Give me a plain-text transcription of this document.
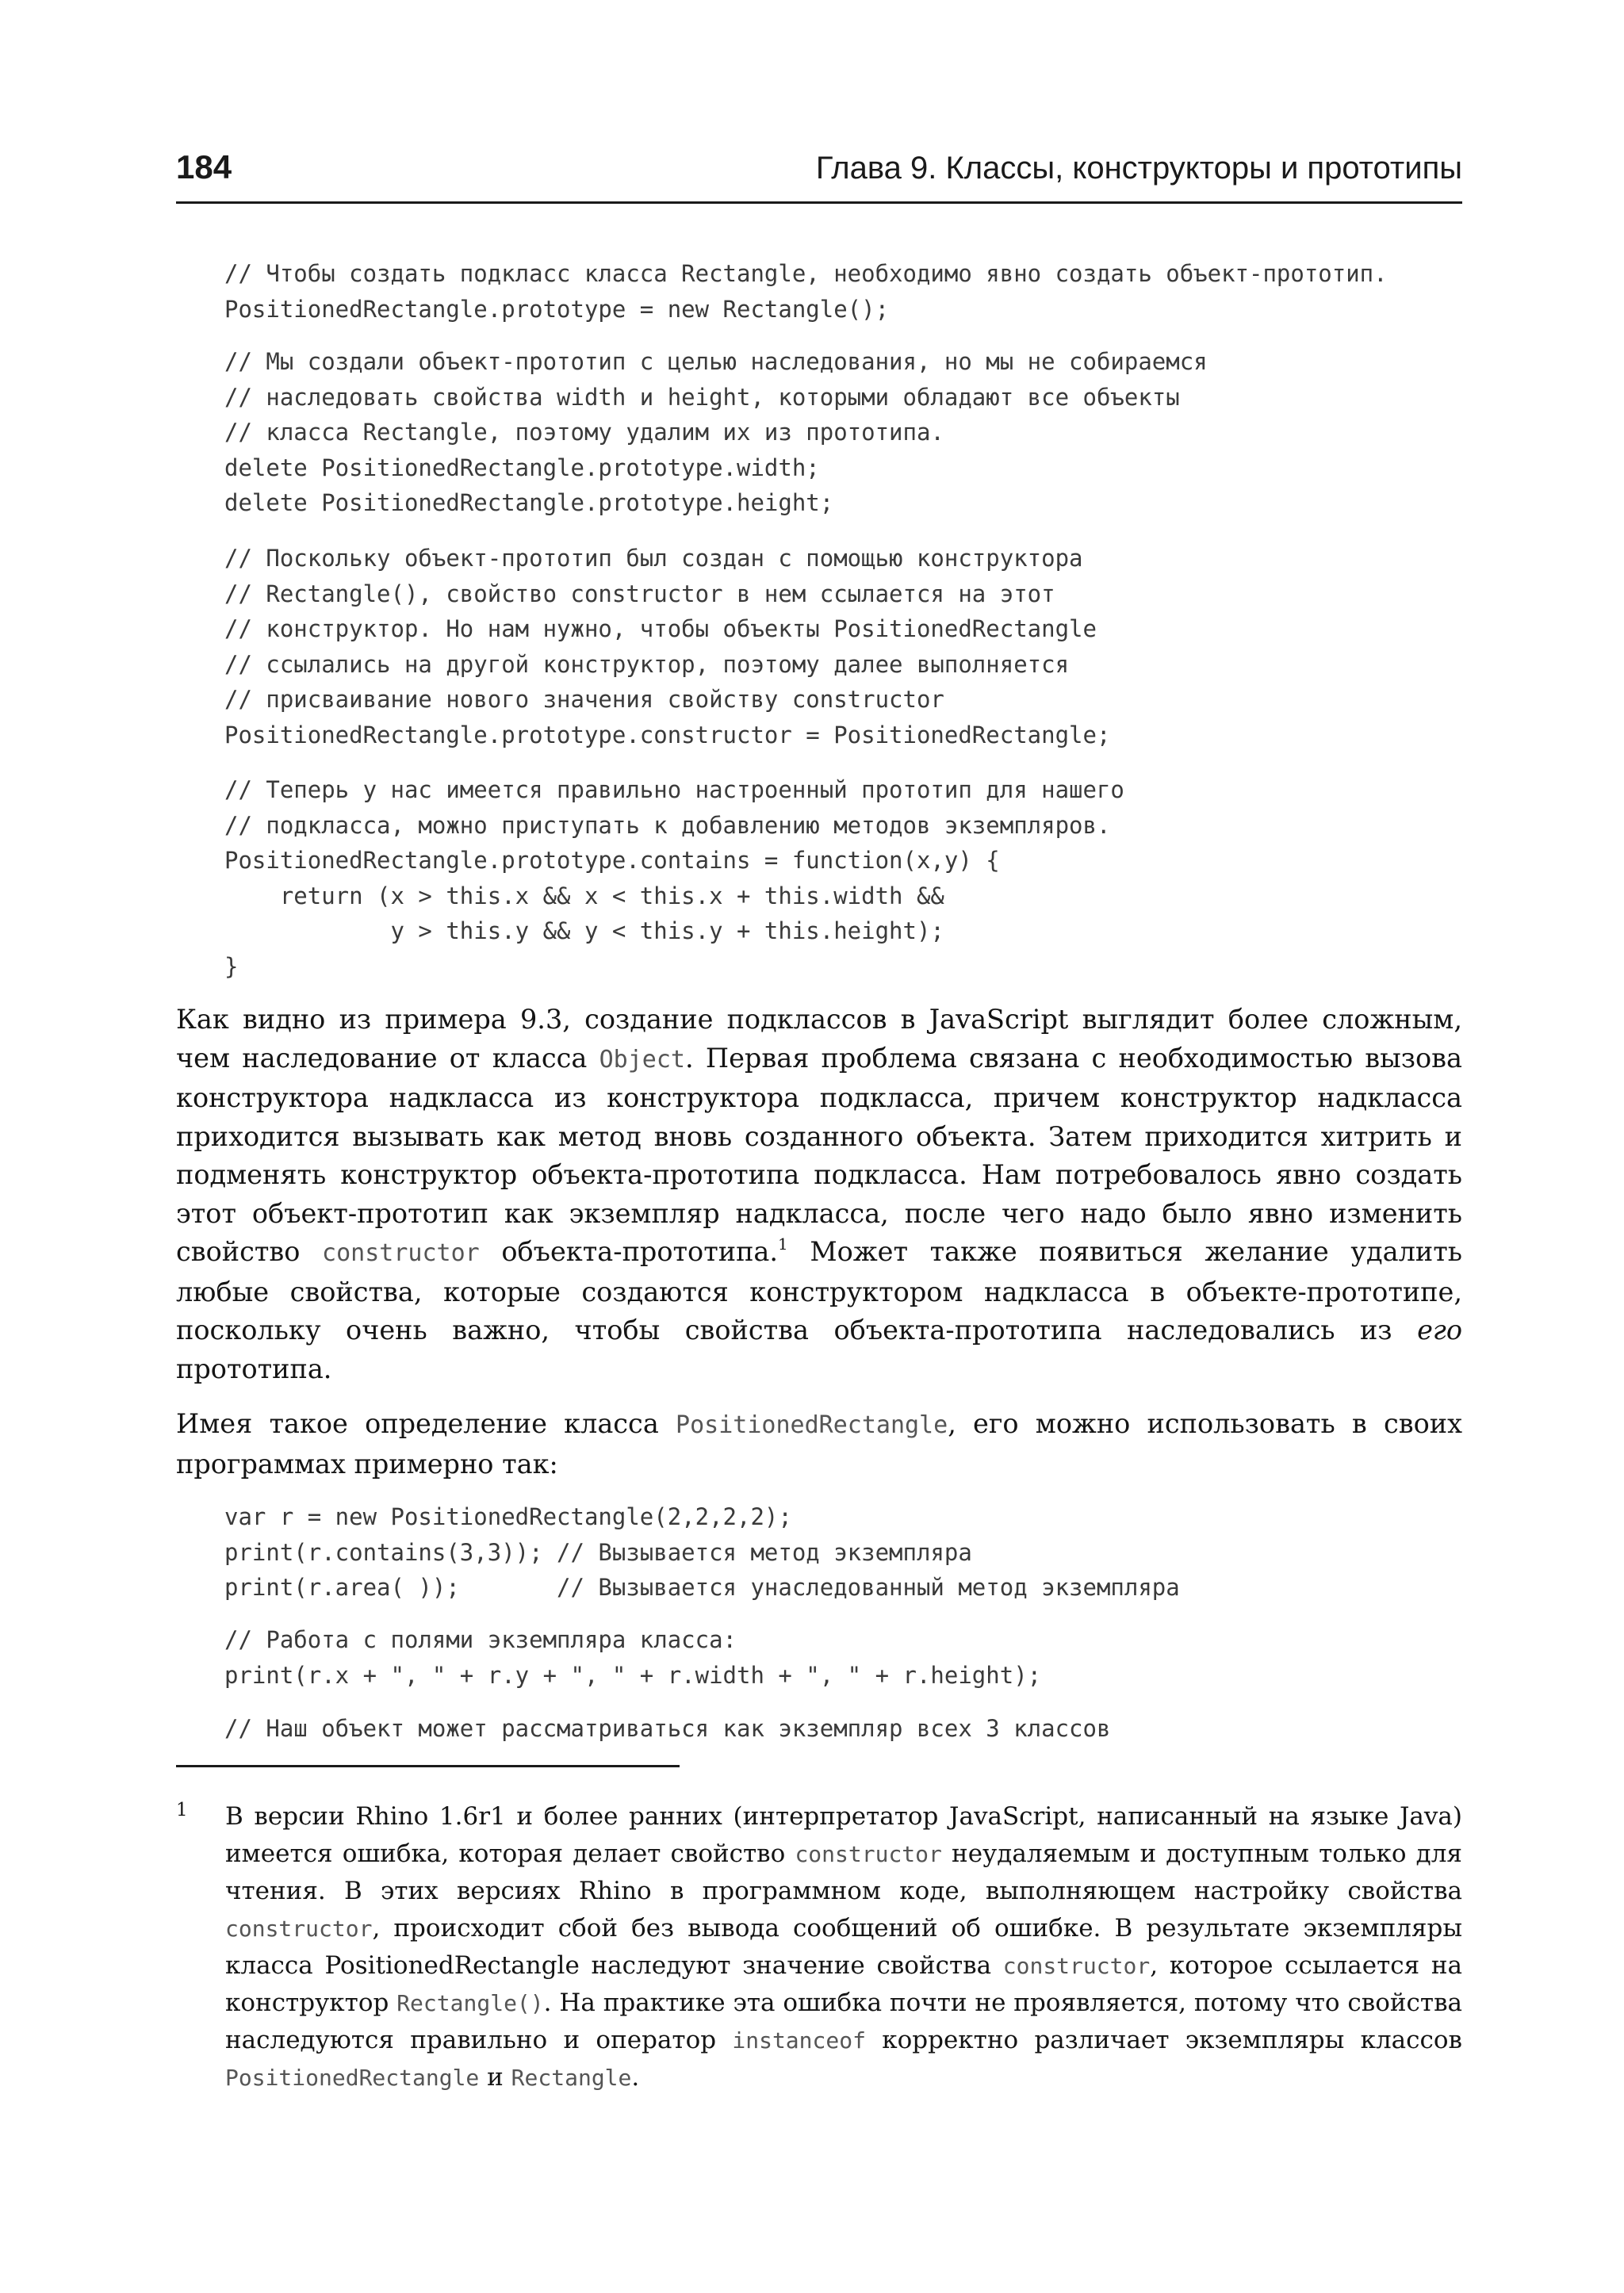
184	Глава 9. Классы, конструкторы и прототипы
// Чтобы создать подкласс класса Rectangle, необходимо явно создать объект-прототип.
PositionedRectangle.prototype = new Rectangle();
// Мы создали объект-прототип с целью наследования, но мы не собираемся
// наследовать свойства width и height, которыми обладают все объекты
// класса Rectangle, поэтому удалим их из прототипа.
delete PositionedRectangle.prototype.width;
delete PositionedRectangle.prototype.height;
// Поскольку объект-прототип был создан с помощью конструктора
// Rectangle(), свойство constructor в нем ссылается на этот
// конструктор. Но нам нужно, чтобы объекты PositionedRectangle
// ссылались на другой конструктор, поэтому далее выполняется
// присваивание нового значения свойству constructor
PositionedRectangle.prototype.constructor = PositionedRectangle;
// Теперь у нас имеется правильно настроенный прототип для нашего
// подкласса, можно приступать к добавлению методов экземпляров.
PositionedRectangle.prototype.contains = function(x,y) {
return (x > this.x && x < this.x + this.width &&
y > this.y && y < this.y + this.height);
}

Как видно из примера 9.3, создание подклассов в JavaScript выглядит более сложным, чем наследование от класса Object. Первая проблема связана с необходимостью вызова конструктора надкласса из конструктора подкласса, причем конструктор надкласса приходится вызывать как метод вновь созданного объекта. Затем приходится хитрить и подменять конструктор объекта-прототипа подкласса. Нам потребовалось явно создать этот объект-прототип как экземпляр надкласса, после чего надо было явно изменить свойство constructor объекта-прототипа.$^1$ Может также появиться желание удалить любые свойства, которые создаются конструктором надкласса в объекте-прототипе, поскольку очень важно, чтобы свойства объекта-прототипа наследовались из его прототипа.

Имея такое определение класса PositionedRectangle, его можно использовать в своих программах примерно так:

var r = new PositionedRectangle(2,2,2,2);
print(r.contains(3,3)); // Вызывается метод экземпляра
print(r.area( ));       // Вызывается унаследованный метод экземпляра
// Работа с полями экземпляра класса:
print(r.x + ", " + r.y + ", " + r.width + ", " + r.height);
// Наш объект может рассматриваться как экземпляр всех 3 классов
1 В версии Rhino 1.6r1 и более ранних (интерпретатор JavaScript, написанный на языке Java) имеется ошибка, которая делает свойство constructor неудаляемым и доступным только для чтения. В этих версиях Rhino в программном коде, выполняющем настройку свойства constructor, происходит сбой без вывода сообщений об ошибке. В результате экземпляры класса PositionedRectangle наследуют значение свойства constructor, которое ссылается на конструктор Rectangle(). На практике эта ошибка почти не проявляется, потому что свойства наследуются правильно и оператор instanceof корректно различает экземпляры классов PositionedRectangle и Rectangle.
